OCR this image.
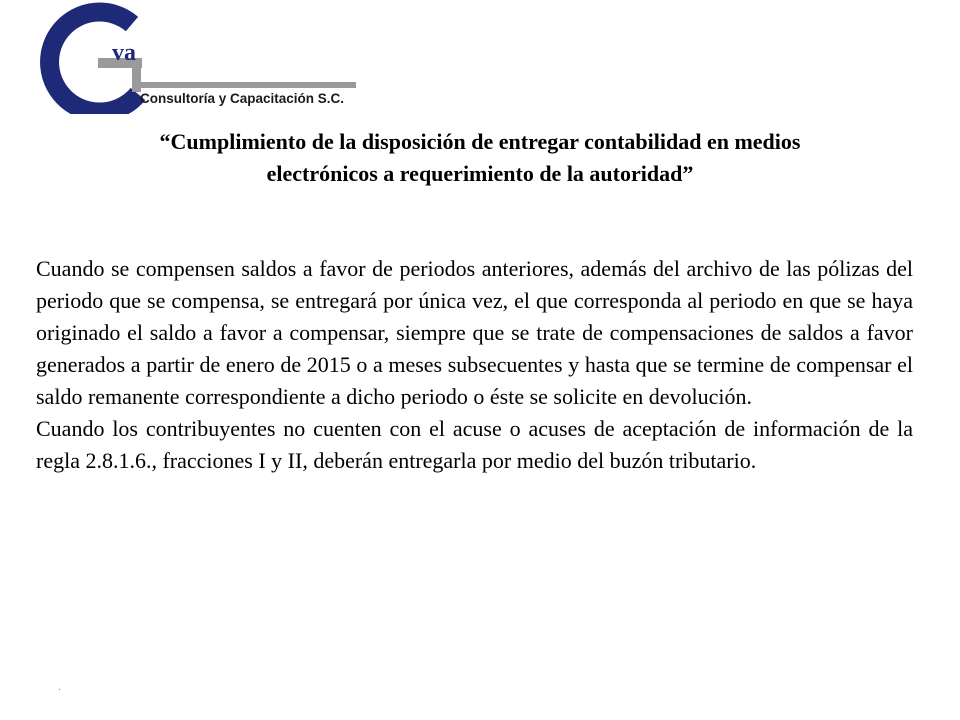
va
Consultoría y Capacitación S.C.
“Cumplimiento de la disposición de entregar contabilidad en medios
electrónicos a requerimiento de la autoridad”

Cuando se compensen saldos a favor de periodos anteriores, además del archivo de las pólizas del periodo que se compensa, se entregará por única vez, el que corresponda al periodo en que se haya originado el saldo a favor a compensar, siempre que se trate de compensaciones de saldos a favor generados a partir de enero de 2015 o a meses subsecuentes y hasta que se termine de compensar el saldo remanente correspondiente a dicho periodo o éste se solicite en devolución.

Cuando los contribuyentes no cuenten con el acuse o acuses de aceptación de información de la regla 2.8.1.6., fracciones I y II, deberán entregarla por medio del buzón tributario.

.
